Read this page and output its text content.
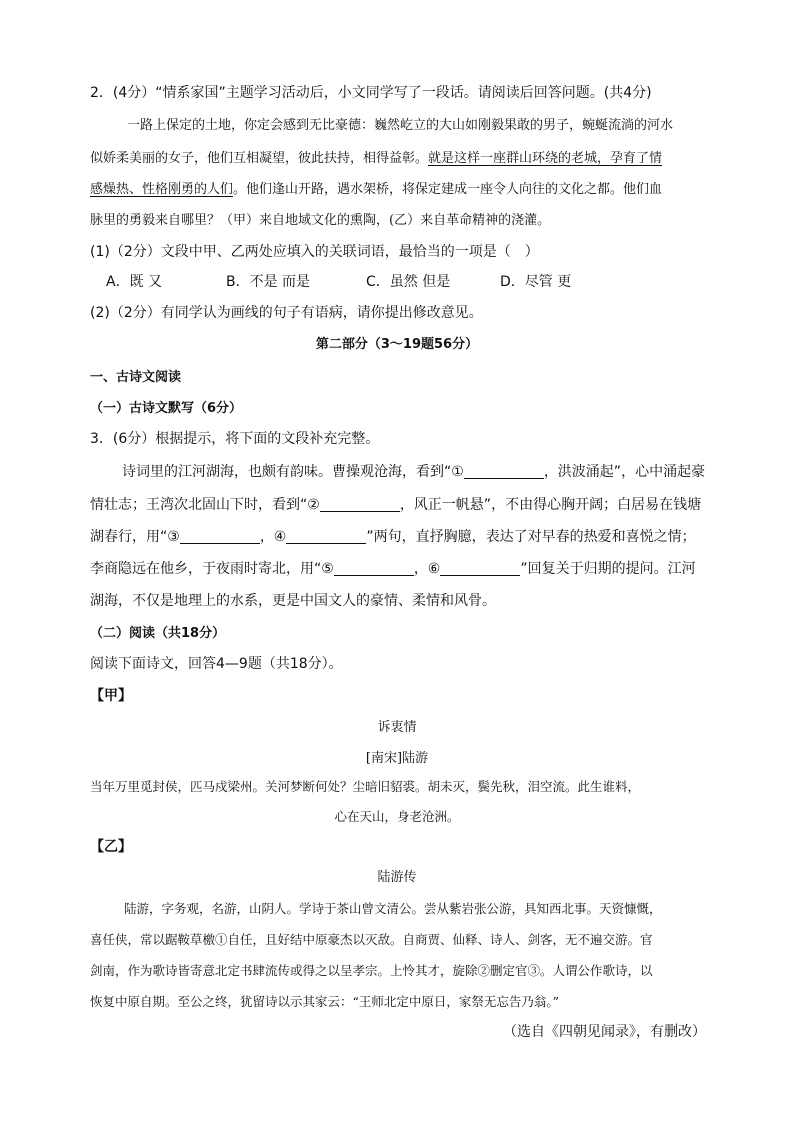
2．(4分）“情系家国”主题学习活动后，小文同学写了一段话。请阅读后回答问题。(共4分)
一路上保定的土地，你定会感到无比豪德：巍然屹立的大山如刚毅果敢的男子，蜿蜒流淌的河水
似娇柔美丽的女子，他们互相凝望，彼此扶持，相得益彰。就是这样一座群山环绕的老城，孕育了情
感燥热、性格刚勇的人们。他们逢山开路，遇水架桥，将保定建成一座令人向往的文化之都。他们血
脉里的勇毅来自哪里？（甲）来自地域文化的熏陶，(乙）来自革命精神的浇灌。
(1)（2分）文段中甲、乙两处应填入的关联词语，最恰当的一项是（　）
A．既 又	B．不是 而是	C．虽然 但是	D．尽管 更
(2)（2分）有同学认为画线的句子有语病，请你提出修改意见。
第二部分（3～19题56分）
一、古诗文阅读
（一）古诗文默写（6分）
3．(6分）根据提示，将下面的文段补充完整。
诗词里的江河湖海，也颇有韵味。曹操观沧海，看到“①	，洪波涌起”，心中涌起豪
情壮志；王湾次北固山下时，看到“②	，风正一帆悬”，不由得心胸开阔；白居易在钱塘
湖春行，用“③	，④	”两句，直抒胸臆，表达了对早春的热爱和喜悦之情；
李商隐远在他乡，于夜雨时寄北，用“⑤	，⑥	”回复关于归期的提问。江河
湖海，不仅是地理上的水系，更是中国文人的豪情、柔情和风骨。
（二）阅读（共18分）
阅读下面诗文，回答4—9题（共18分）。
【甲】
诉衷情
[南宋]陆游
当年万里觅封侯，匹马戍梁州。关河梦断何处？尘暗旧貂裘。胡未灭，鬓先秋，泪空流。此生谁料，
心在天山，身老沧洲。
【乙】
陆游传
陆游，字务观，名游，山阴人。学诗于茶山曾文清公。尝从紫岩张公游，具知西北事。天资慷慨，
喜任侠，常以踞鞍草檄①自任，且好结中原豪杰以灭敌。自商贾、仙释、诗人、剑客，无不遍交游。官
剑南，作为歌诗皆寄意北定书肆流传或得之以呈孝宗。上怜其才，旋除②删定官③。人谓公作歌诗，以
恢复中原自期。至公之终，犹留诗以示其家云：“王师北定中原日，家祭无忘告乃翁。”
（选自《四朝见闻录》，有删改）
